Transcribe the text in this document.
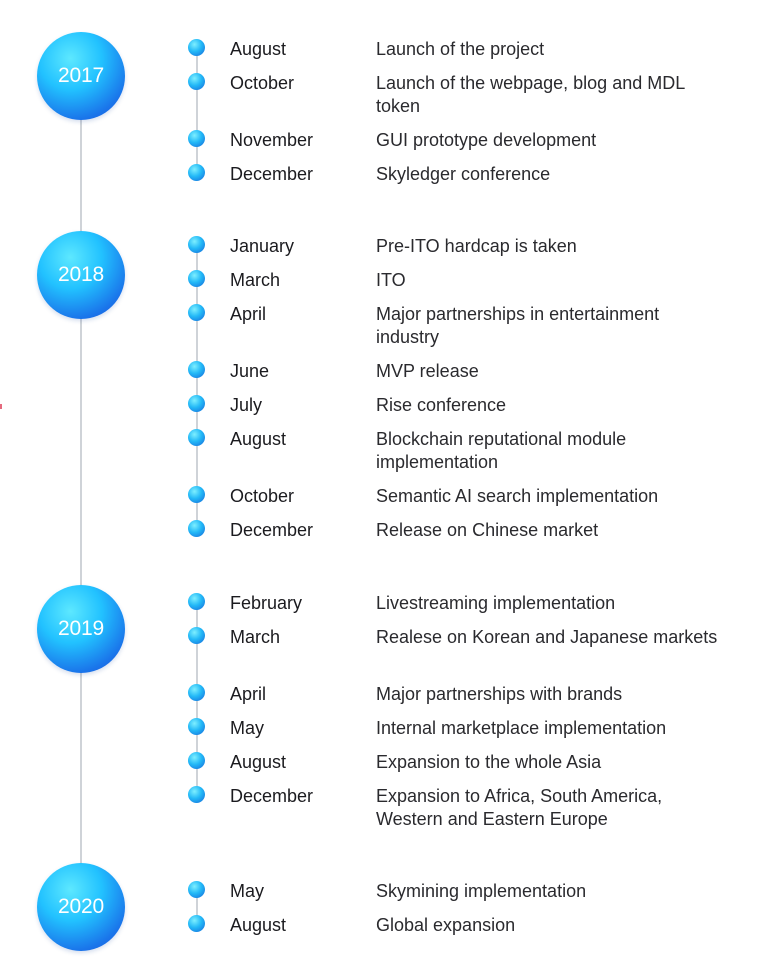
2017
August	Launch of the project
October	Launch of the webpage, blog and MDL token
November	GUI prototype development
December	Skyledger conference
2018
January	Pre-ITO hardcap is taken
March	ITO
April	Major partnerships in entertainment industry
June	MVP release
July	Rise conference
August	Blockchain reputational module implementation
October	Semantic AI search implementation
December	Release on Chinese market
2019
February	Livestreaming implementation
March	Realese on Korean and Japanese markets
April	Major partnerships with brands
May	Internal marketplace implementation
August	Expansion to the whole Asia
December	Expansion to Africa, South America, Western and Eastern Europe
2020
May	Skymining implementation
August	Global expansion
